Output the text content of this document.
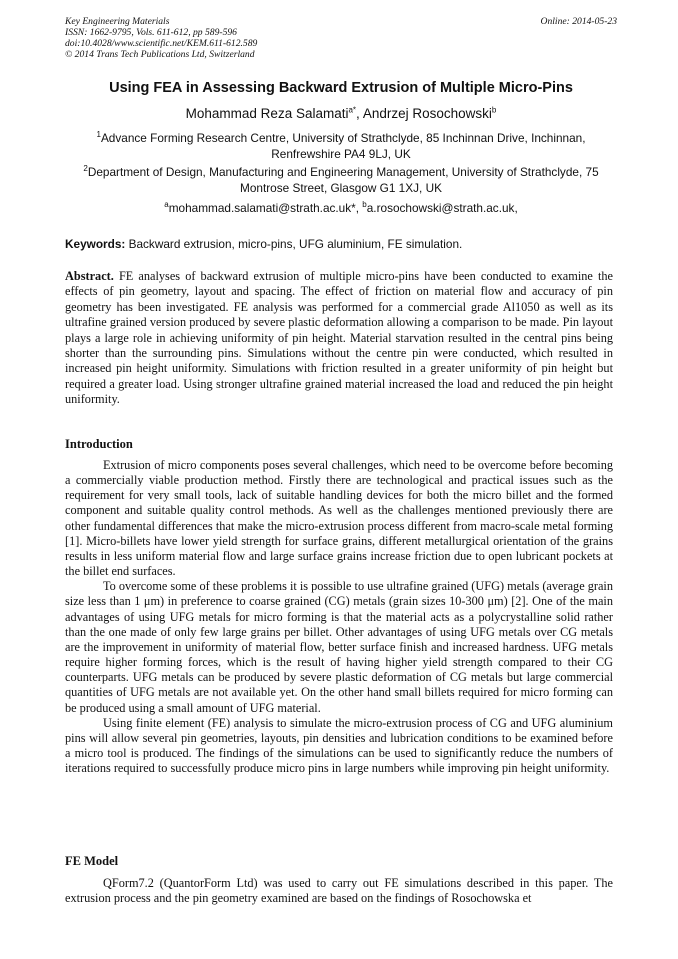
Key Engineering Materials
ISSN: 1662-9795, Vols. 611-612, pp 589-596
doi:10.4028/www.scientific.net/KEM.611-612.589
© 2014 Trans Tech Publications Ltd, Switzerland
Online: 2014-05-23
Using FEA in Assessing Backward Extrusion of Multiple Micro-Pins
Mohammad Reza Salamati$^{a*}$, Andrzej Rosochowski$^b$
$^1$Advance Forming Research Centre, University of Strathclyde, 85 Inchinnan Drive, Inchinnan,
Renfrewshire PA4 9LJ, UK
$^2$Department of Design, Manufacturing and Engineering Management, University of Strathclyde, 75
Montrose Street, Glasgow G1 1XJ, UK
$^a$mohammad.salamati@strath.ac.uk*, $^b$a.rosochowski@strath.ac.uk,
Keywords: Backward extrusion, micro-pins, UFG aluminium, FE simulation.
Abstract. FE analyses of backward extrusion of multiple micro-pins have been conducted to examine the effects of pin geometry, layout and spacing. The effect of friction on material flow and accuracy of pin geometry has been investigated. FE analysis was performed for a commercial grade Al1050 as well as its ultrafine grained version produced by severe plastic deformation allowing a comparison to be made. Pin layout plays a large role in achieving uniformity of pin height. Material starvation resulted in the central pins being shorter than the surrounding pins. Simulations without the centre pin were conducted, which resulted in increased pin height uniformity. Simulations with friction resulted in a greater uniformity of pin height but required a greater load. Using stronger ultrafine grained material increased the load and reduced the pin height uniformity.
Introduction

Extrusion of micro components poses several challenges, which need to be overcome before becoming a commercially viable production method. Firstly there are technological and practical issues such as the requirement for very small tools, lack of suitable handling devices for both the micro billet and the formed component and suitable quality control methods. As well as the challenges mentioned previously there are other fundamental differences that make the micro-extrusion process different from macro-scale metal forming [1]. Micro-billets have lower yield strength for surface grains, different metallurgical orientation of the grains results in less uniform material flow and large surface grains increase friction due to open lubricant pockets at the billet end surfaces.

To overcome some of these problems it is possible to use ultrafine grained (UFG) metals (average grain size less than 1 μm) in preference to coarse grained (CG) metals (grain sizes 10-300 μm) [2]. One of the main advantages of using UFG metals for micro forming is that the material acts as a polycrystalline solid rather than the one made of only few large grains per billet. Other advantages of using UFG metals over CG metals are the improvement in uniformity of material flow, better surface finish and increased hardness. UFG metals require higher forming forces, which is the result of having higher yield strength compared to their CG counterparts. UFG metals can be produced by severe plastic deformation of CG metals but large commercial quantities of UFG metals are not available yet. On the other hand small billets required for micro forming can be produced using a small amount of UFG material.

Using finite element (FE) analysis to simulate the micro-extrusion process of CG and UFG aluminium pins will allow several pin geometries, layouts, pin densities and lubrication conditions to be examined before a micro tool is produced. The findings of the simulations can be used to significantly reduce the numbers of iterations required to successfully produce micro pins in large numbers while improving pin height uniformity.

FE Model

QForm7.2 (QuantorForm Ltd) was used to carry out FE simulations described in this paper. The extrusion process and the pin geometry examined are based on the findings of Rosochowska et
